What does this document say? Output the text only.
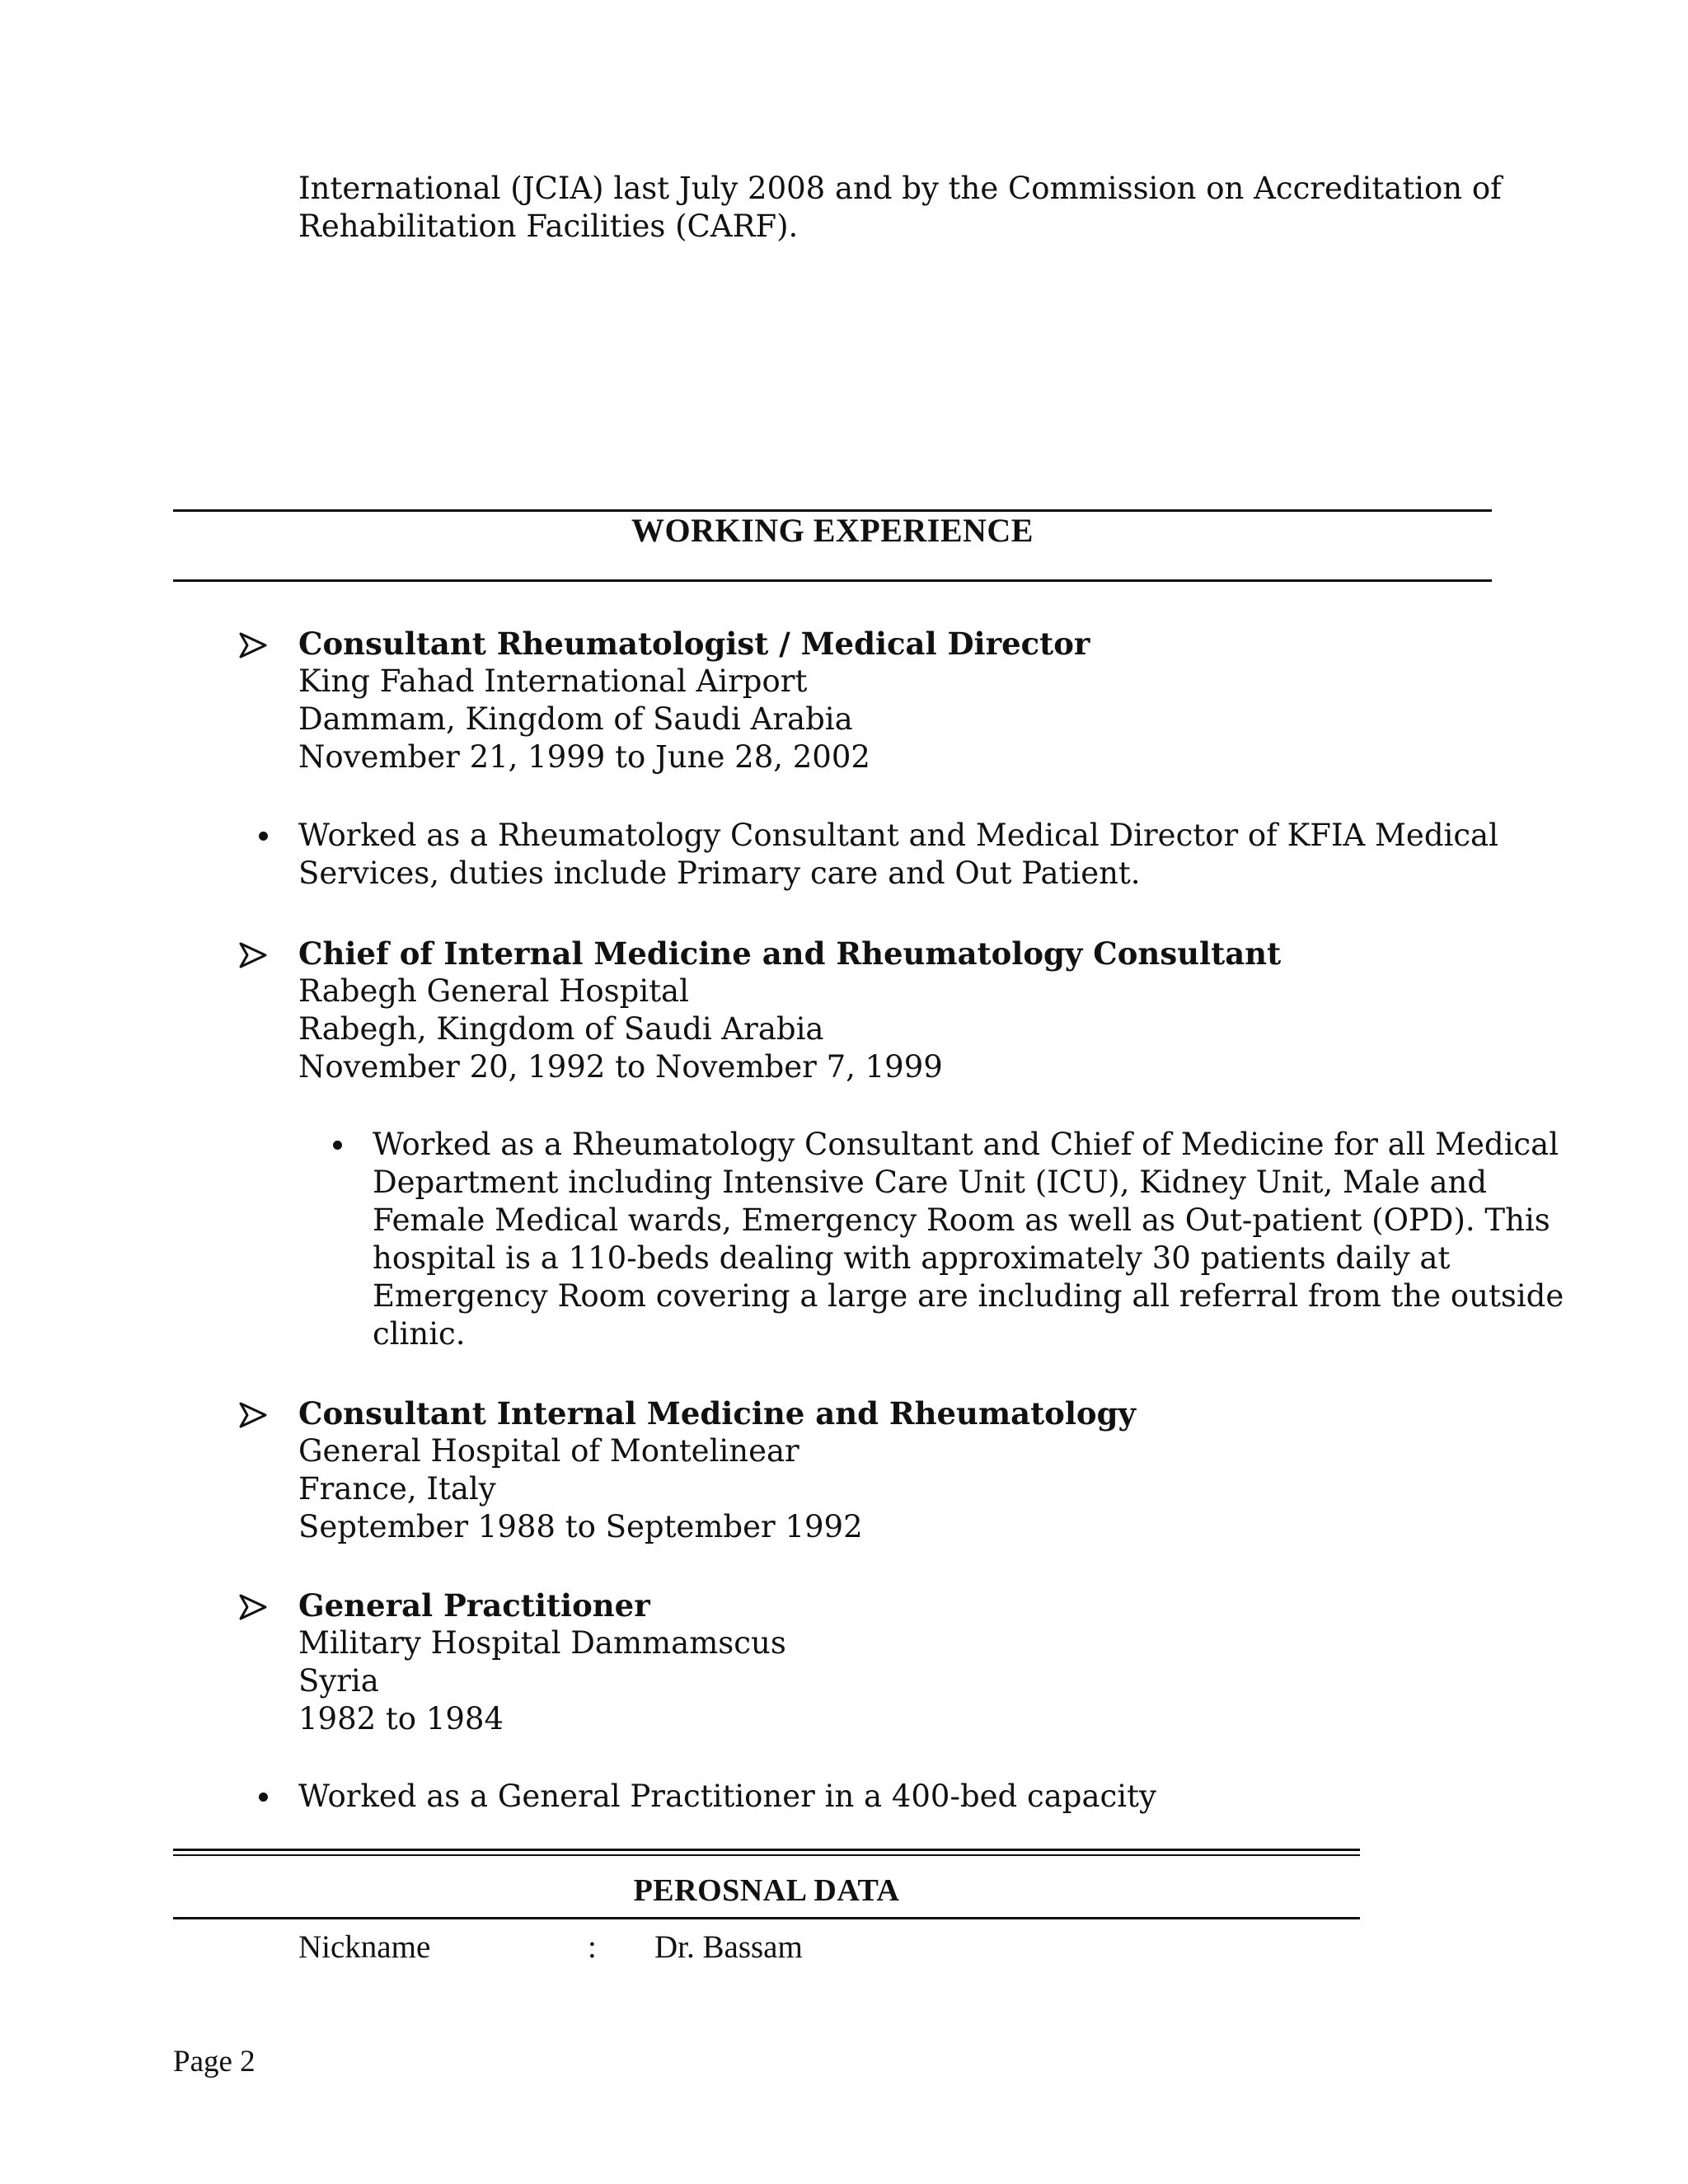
International (JCIA) last July 2008 and by the Commission on Accreditation of
Rehabilitation Facilities (CARF).
WORKING EXPERIENCE
Consultant Rheumatologist / Medical Director
King Fahad International Airport
Dammam, Kingdom of Saudi Arabia
November 21, 1999 to June 28, 2002
Worked as a Rheumatology Consultant and Medical Director of KFIA Medical
Services, duties include Primary care and Out Patient.
Chief of Internal Medicine and Rheumatology Consultant
Rabegh General Hospital
Rabegh, Kingdom of Saudi Arabia
November 20, 1992 to November 7, 1999
Worked as a Rheumatology Consultant and Chief of Medicine for all Medical
Department including Intensive Care Unit (ICU), Kidney Unit, Male and
Female Medical wards, Emergency Room as well as Out-patient (OPD). This
hospital is a 110-beds dealing with approximately 30 patients daily at
Emergency Room covering a large are including all referral from the outside
clinic.
Consultant Internal Medicine and Rheumatology
General Hospital of Montelinear
France, Italy
September 1988 to September 1992
General Practitioner
Military Hospital Dammamscus
Syria
1982 to 1984
Worked as a General Practitioner in a 400-bed capacity
PEROSNAL DATA
Nickname	: Dr. Bassam
Page 2
